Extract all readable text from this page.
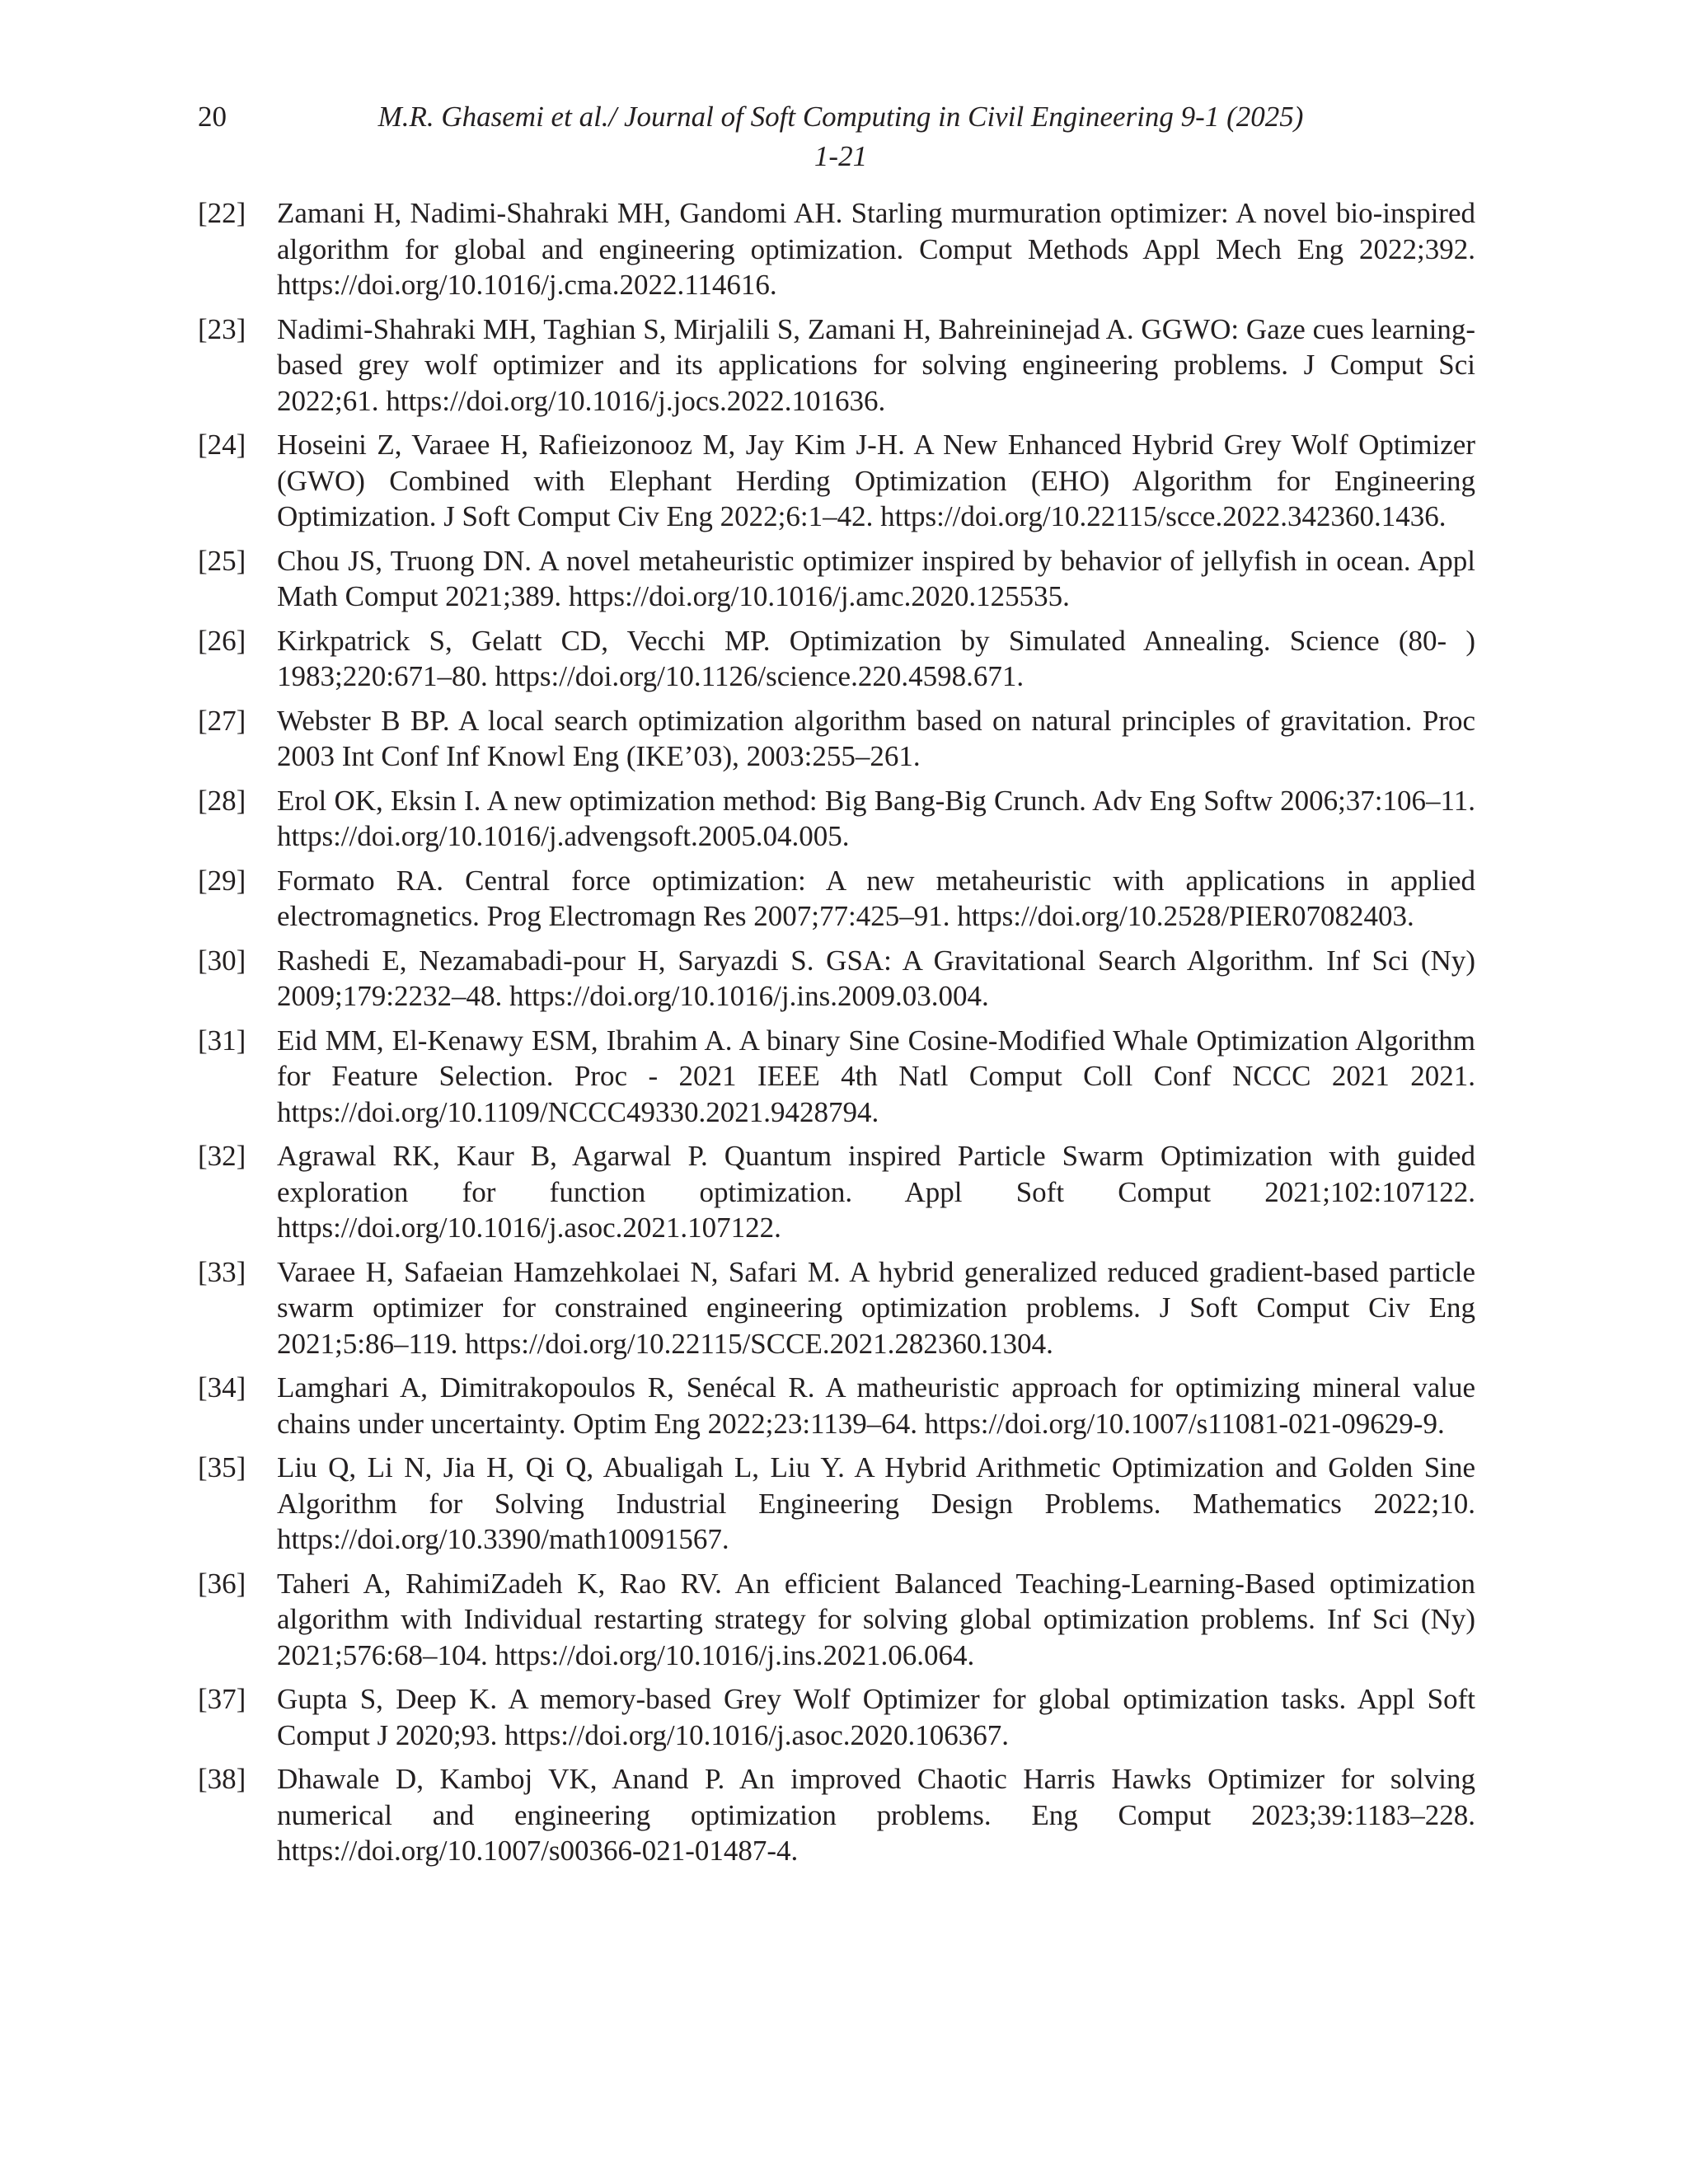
20	M.R. Ghasemi et al./ Journal of Soft Computing in Civil Engineering 9-1 (2025) 1-21
[22]	Zamani H, Nadimi-Shahraki MH, Gandomi AH. Starling murmuration optimizer: A novel bio-inspired algorithm for global and engineering optimization. Comput Methods Appl Mech Eng 2022;392. https://doi.org/10.1016/j.cma.2022.114616.
[23]	Nadimi-Shahraki MH, Taghian S, Mirjalili S, Zamani H, Bahreininejad A. GGWO: Gaze cues learning-based grey wolf optimizer and its applications for solving engineering problems. J Comput Sci 2022;61. https://doi.org/10.1016/j.jocs.2022.101636.
[24]	Hoseini Z, Varaee H, Rafieizonooz M, Jay Kim J-H. A New Enhanced Hybrid Grey Wolf Optimizer (GWO) Combined with Elephant Herding Optimization (EHO) Algorithm for Engineering Optimization. J Soft Comput Civ Eng 2022;6:1–42. https://doi.org/10.22115/scce.2022.342360.1436.
[25]	Chou JS, Truong DN. A novel metaheuristic optimizer inspired by behavior of jellyfish in ocean. Appl Math Comput 2021;389. https://doi.org/10.1016/j.amc.2020.125535.
[26]	Kirkpatrick S, Gelatt CD, Vecchi MP. Optimization by Simulated Annealing. Science (80- ) 1983;220:671–80. https://doi.org/10.1126/science.220.4598.671.
[27]	Webster B BP. A local search optimization algorithm based on natural principles of gravitation. Proc 2003 Int Conf Inf Knowl Eng (IKE’03), 2003:255–261.
[28]	Erol OK, Eksin I. A new optimization method: Big Bang-Big Crunch. Adv Eng Softw 2006;37:106–11. https://doi.org/10.1016/j.advengsoft.2005.04.005.
[29]	Formato RA. Central force optimization: A new metaheuristic with applications in applied electromagnetics. Prog Electromagn Res 2007;77:425–91. https://doi.org/10.2528/PIER07082403.
[30]	Rashedi E, Nezamabadi-pour H, Saryazdi S. GSA: A Gravitational Search Algorithm. Inf Sci (Ny) 2009;179:2232–48. https://doi.org/10.1016/j.ins.2009.03.004.
[31]	Eid MM, El-Kenawy ESM, Ibrahim A. A binary Sine Cosine-Modified Whale Optimization Algorithm for Feature Selection. Proc - 2021 IEEE 4th Natl Comput Coll Conf NCCC 2021 2021. https://doi.org/10.1109/NCCC49330.2021.9428794.
[32]	Agrawal RK, Kaur B, Agarwal P. Quantum inspired Particle Swarm Optimization with guided exploration for function optimization. Appl Soft Comput 2021;102:107122. https://doi.org/10.1016/j.asoc.2021.107122.
[33]	Varaee H, Safaeian Hamzehkolaei N, Safari M. A hybrid generalized reduced gradient-based particle swarm optimizer for constrained engineering optimization problems. J Soft Comput Civ Eng 2021;5:86–119. https://doi.org/10.22115/SCCE.2021.282360.1304.
[34]	Lamghari A, Dimitrakopoulos R, Senécal R. A matheuristic approach for optimizing mineral value chains under uncertainty. Optim Eng 2022;23:1139–64. https://doi.org/10.1007/s11081-021-09629-9.
[35]	Liu Q, Li N, Jia H, Qi Q, Abualigah L, Liu Y. A Hybrid Arithmetic Optimization and Golden Sine Algorithm for Solving Industrial Engineering Design Problems. Mathematics 2022;10. https://doi.org/10.3390/math10091567.
[36]	Taheri A, RahimiZadeh K, Rao RV. An efficient Balanced Teaching-Learning-Based optimization algorithm with Individual restarting strategy for solving global optimization problems. Inf Sci (Ny) 2021;576:68–104. https://doi.org/10.1016/j.ins.2021.06.064.
[37]	Gupta S, Deep K. A memory-based Grey Wolf Optimizer for global optimization tasks. Appl Soft Comput J 2020;93. https://doi.org/10.1016/j.asoc.2020.106367.
[38]	Dhawale D, Kamboj VK, Anand P. An improved Chaotic Harris Hawks Optimizer for solving numerical and engineering optimization problems. Eng Comput 2023;39:1183–228. https://doi.org/10.1007/s00366-021-01487-4.
